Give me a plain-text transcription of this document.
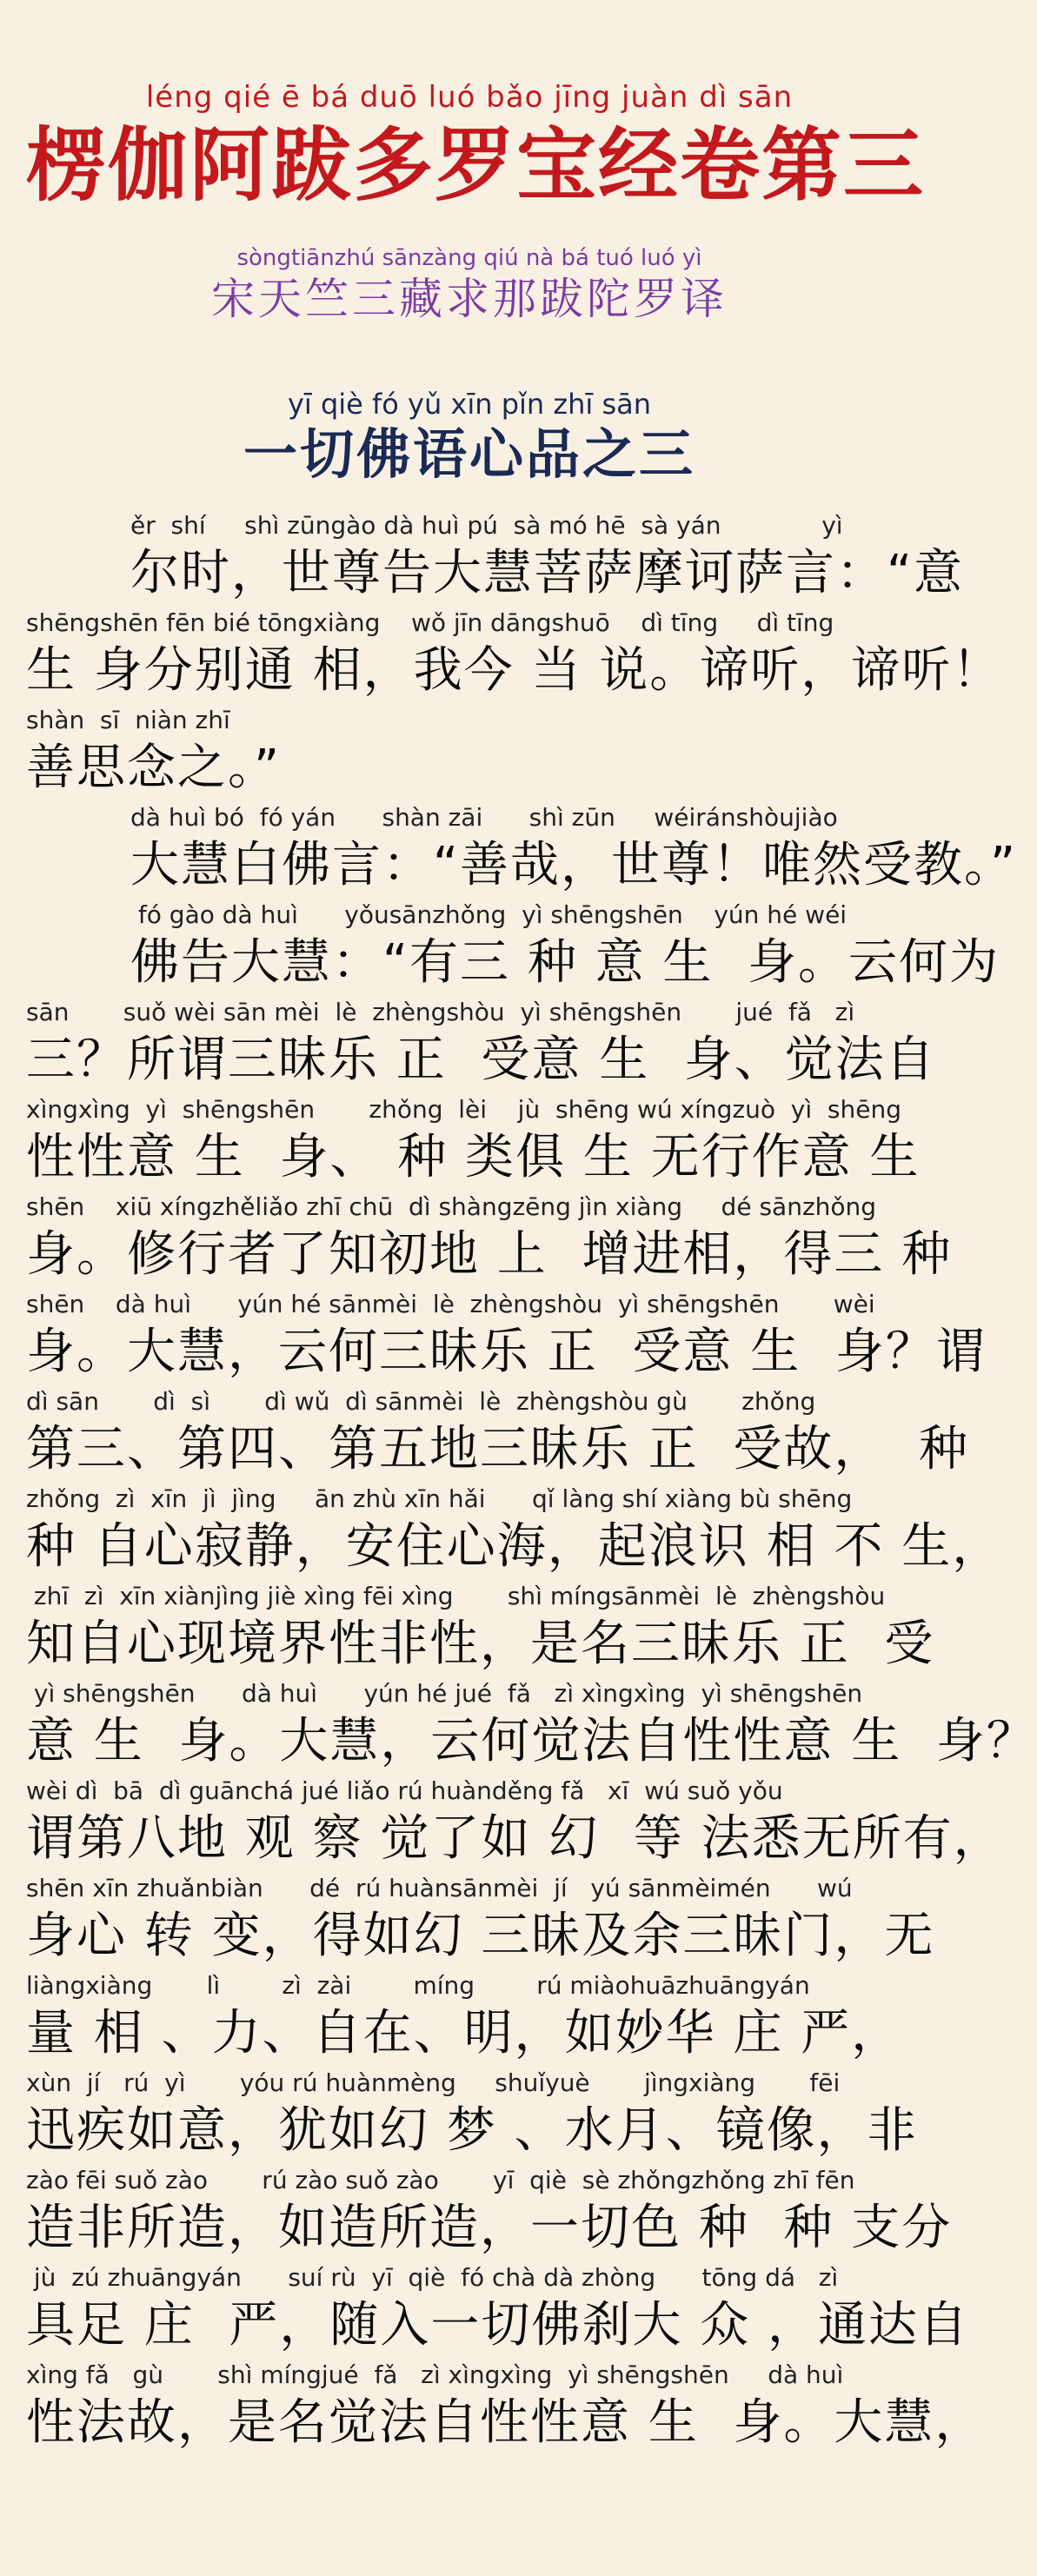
léng qié ē bá duō luó bǎo jīng juàn dì sān
楞伽阿跋多罗宝经卷第三
sòngtiānzhú sānzàng qiú nà bá tuó luó yì
宋天竺三藏求那跋陀罗译
yī qiè fó yǔ xīn pǐn zhī sān
一切佛语心品之三
ěr  shí     shì zūngào dà huì pú  sà mó hē  sà yán             yì
尔时，世尊告大慧菩萨摩诃萨言：“意
shēngshēn fēn bié tōngxiàng    wǒ jīn dāngshuō    dì tīng     dì tīng
生 身分别通 相，我今 当 说。谛听，谛听！
shàn  sī  niàn zhī
善思念之。”
dà huì bó  fó yán      shàn zāi      shì zūn     wéiránshòujiào
大慧白佛言：“善哉，世尊！唯然受教。”
fó gào dà huì      yǒusānzhǒng  yì shēngshēn    yún hé wéi
佛告大慧：“有三 种 意 生  身。云何为
sān       suǒ wèi sān mèi  lè  zhèngshòu  yì shēngshēn       jué  fǎ   zì
三？所谓三昧乐 正  受意 生  身、觉法自
xìngxìng  yì  shēngshēn       zhǒng  lèi    jù  shēng wú xíngzuò  yì  shēng
性性意 生  身、 种 类俱 生 无行作意 生
shēn    xiū xíngzhěliǎo zhī chū  dì shàngzēng jìn xiàng     dé sānzhǒng
身。修行者了知初地 上  增进相，得三 种
shēn    dà huì      yún hé sānmèi  lè  zhèngshòu  yì shēngshēn       wèi
身。大慧，云何三昧乐 正  受意 生  身？谓
dì sān       dì  sì       dì wǔ  dì sānmèi  lè  zhèngshòu gù       zhǒng
第三、第四、第五地三昧乐 正  受故，  种
zhǒng  zì  xīn  jì  jìng     ān zhù xīn hǎi      qǐ làng shí xiàng bù shēng
种 自心寂静，安住心海，起浪识 相 不 生，
zhī  zì  xīn xiànjìng jiè xìng fēi xìng       shì míngsānmèi  lè  zhèngshòu
知自心现境界性非性，是名三昧乐 正  受
yì shēngshēn      dà huì      yún hé jué  fǎ   zì xìngxìng  yì shēngshēn
意 生  身。大慧，云何觉法自性性意 生  身？
wèi dì  bā  dì guānchá jué liǎo rú huànděng fǎ   xī  wú suǒ yǒu
谓第八地 观 察 觉了如 幻  等 法悉无所有，
shēn xīn zhuǎnbiàn      dé  rú huànsānmèi  jí   yú sānmèimén      wú
身心 转 变，得如幻 三昧及余三昧门，无
liàngxiàng       lì        zì  zài        míng        rú miàohuāzhuāngyán
量 相 、力、自在、明，如妙华 庄 严，
xùn  jí   rú  yì       yóu rú huànmèng     shuǐyuè       jìngxiàng       fēi
迅疾如意，犹如幻 梦 、水月、镜像，非
zào fēi suǒ zào       rú zào suǒ zào       yī  qiè  sè zhǒngzhǒng zhī fēn
造非所造，如造所造，一切色 种  种 支分
jù  zú zhuāngyán      suí rù  yī  qiè  fó chà dà zhòng      tōng dá   zì
具足 庄  严，随入一切佛刹大 众 ，通达自
xìng fǎ   gù       shì míngjué  fǎ   zì xìngxìng  yì shēngshēn     dà huì
性法故，是名觉法自性性意 生  身。大慧，
